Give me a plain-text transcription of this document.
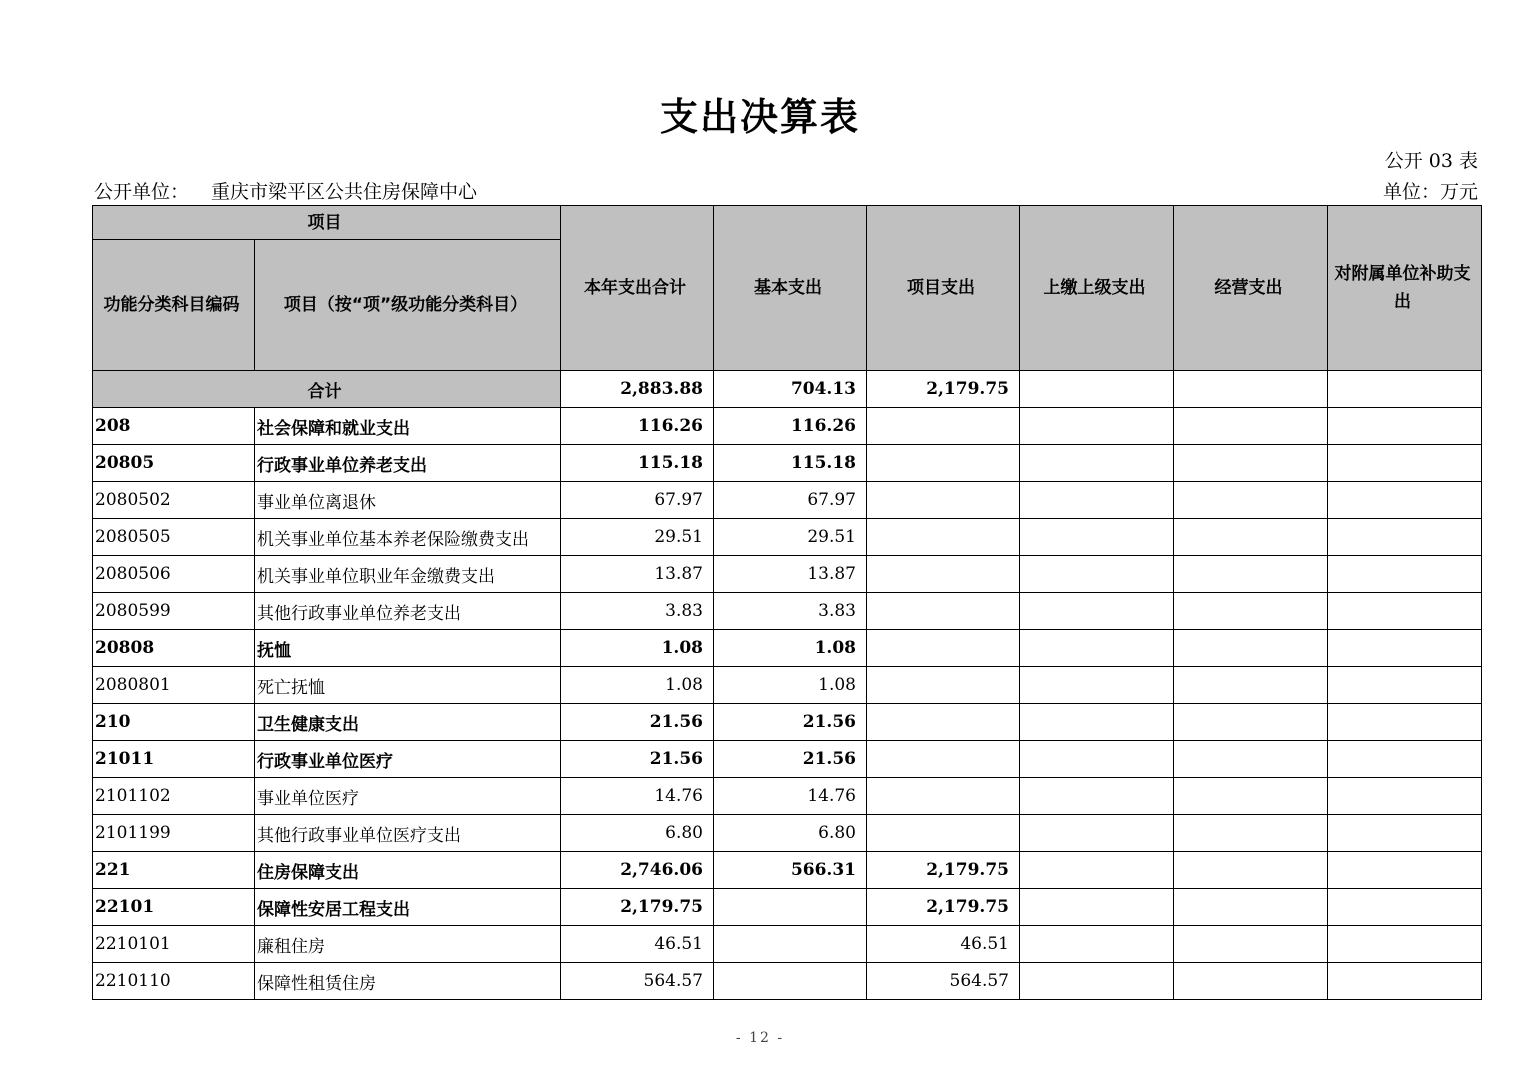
支出决算表
公开 03 表
公开单位： 重庆市梁平区公共住房保障中心	单位：万元
项目		本年支出合计	基本支出	项目支出	上缴上级支出	经营支出	对附属单位补助支出
功能分类科目编码	项目（按“项”级功能分类科目）						
合计		2,883.88	704.13	2,179.75			
208	社会保障和就业支出	116.26	116.26				
20805	行政事业单位养老支出	115.18	115.18				
2080502	事业单位离退休	67.97	67.97				
2080505	机关事业单位基本养老保险缴费支出	29.51	29.51				
2080506	机关事业单位职业年金缴费支出	13.87	13.87				
2080599	其他行政事业单位养老支出	3.83	3.83				
20808	抚恤	1.08	1.08				
2080801	死亡抚恤	1.08	1.08				
210	卫生健康支出	21.56	21.56				
21011	行政事业单位医疗	21.56	21.56				
2101102	事业单位医疗	14.76	14.76				
2101199	其他行政事业单位医疗支出	6.80	6.80				
221	住房保障支出	2,746.06	566.31	2,179.75			
22101	保障性安居工程支出	2,179.75		2,179.75			
2210101	廉租住房	46.51		46.51			
2210110	保障性租赁住房	564.57		564.57			
- 12 -
